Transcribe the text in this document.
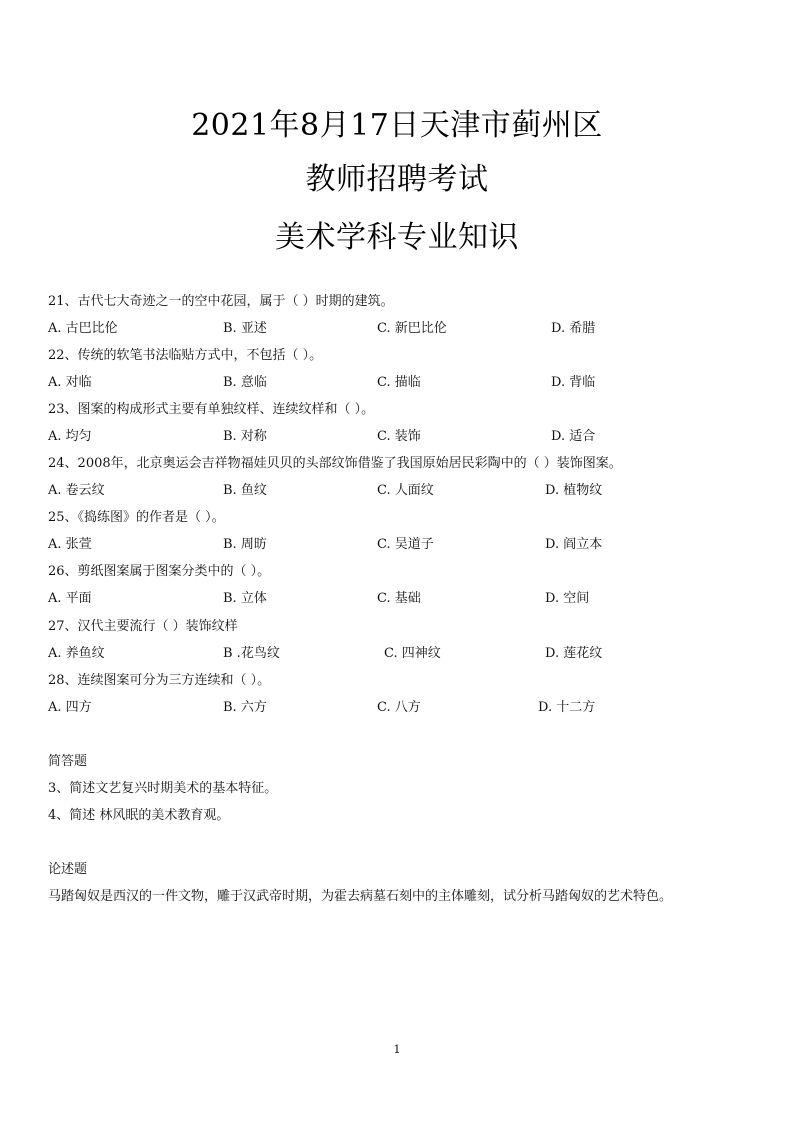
2021年8月17日天津市蓟州区
教师招聘考试
美术学科专业知识
21、古代七大奇迹之一的空中花园，属于（ ）时期的建筑。
A. 古巴比伦	B. 亚述	C. 新巴比伦	D. 希腊
22、传统的软笔书法临贴方式中，不包括（ ）。
A. 对临	B. 意临	C. 描临	D. 背临
23、图案的构成形式主要有单独纹样、连续纹样和（ ）。
A. 均匀	B. 对称	C. 装饰	D. 适合
24、2008年，北京奥运会吉祥物福娃贝贝的头部纹饰借鉴了我国原始居民彩陶中的（ ）装饰图案。
A. 卷云纹	B. 鱼纹	C. 人面纹	D. 植物纹
25、《捣练图》的作者是（ ）。
A. 张萱	B. 周昉	C. 吴道子	D. 阎立本
26、剪纸图案属于图案分类中的（ ）。
A. 平面	B. 立体	C. 基础	D. 空间
27、汉代主要流行（ ）装饰纹样
A. 养鱼纹	B .花鸟纹	C. 四神纹	D. 莲花纹
28、连续图案可分为三方连续和（ ）。
A. 四方	B. 六方	C. 八方	D. 十二方
简答题
3、简述文艺复兴时期美术的基本特征。
4、简述 林风眠的美术教育观。
论述题
马踏匈奴是西汉的一件文物，雕于汉武帝时期，为霍去病墓石刻中的主体雕刻，试分析马踏匈奴的艺术特色。
1
